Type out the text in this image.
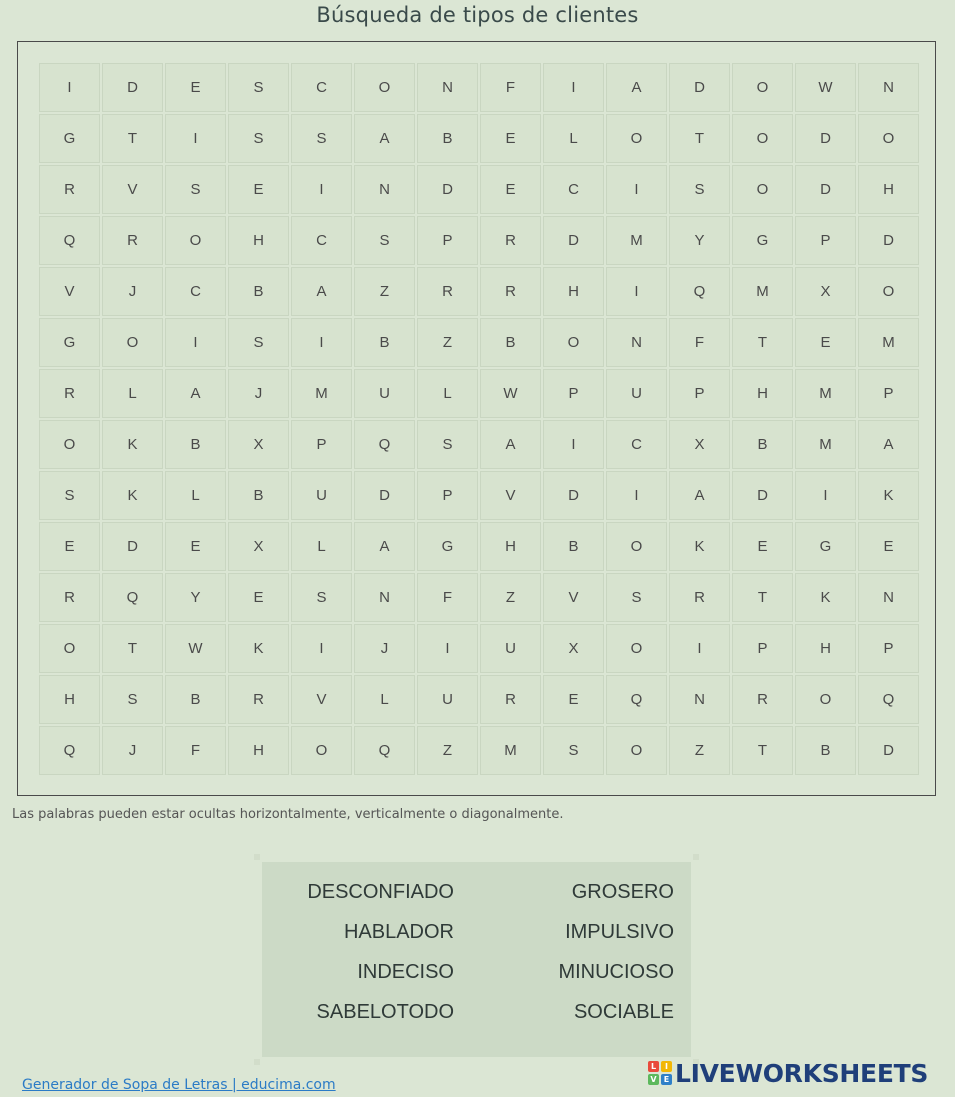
Búsqueda de tipos de clientes
I	D	E	S	C	O	N	F	I	A	D	O	W	N
G	T	I	S	S	A	B	E	L	O	T	O	D	O
R	V	S	E	I	N	D	E	C	I	S	O	D	H
Q	R	O	H	C	S	P	R	D	M	Y	G	P	D
V	J	C	B	A	Z	R	R	H	I	Q	M	X	O
G	O	I	S	I	B	Z	B	O	N	F	T	E	M
R	L	A	J	M	U	L	W	P	U	P	H	M	P
O	K	B	X	P	Q	S	A	I	C	X	B	M	A
S	K	L	B	U	D	P	V	D	I	A	D	I	K
E	D	E	X	L	A	G	H	B	O	K	E	G	E
R	Q	Y	E	S	N	F	Z	V	S	R	T	K	N
O	T	W	K	I	J	I	U	X	O	I	P	H	P
H	S	B	R	V	L	U	R	E	Q	N	R	O	Q
Q	J	F	H	O	Q	Z	M	S	O	Z	T	B	D
Las palabras pueden estar ocultas horizontalmente, verticalmente o diagonalmente.
DESCONFIADO	GROSERO
HABLADOR	IMPULSIVO
INDECISO	MINUCIOSO
SABELOTODO	SOCIABLE
Generador de Sopa de Letras | educima.com
L	I
V E LIVEWORKSHEETS
